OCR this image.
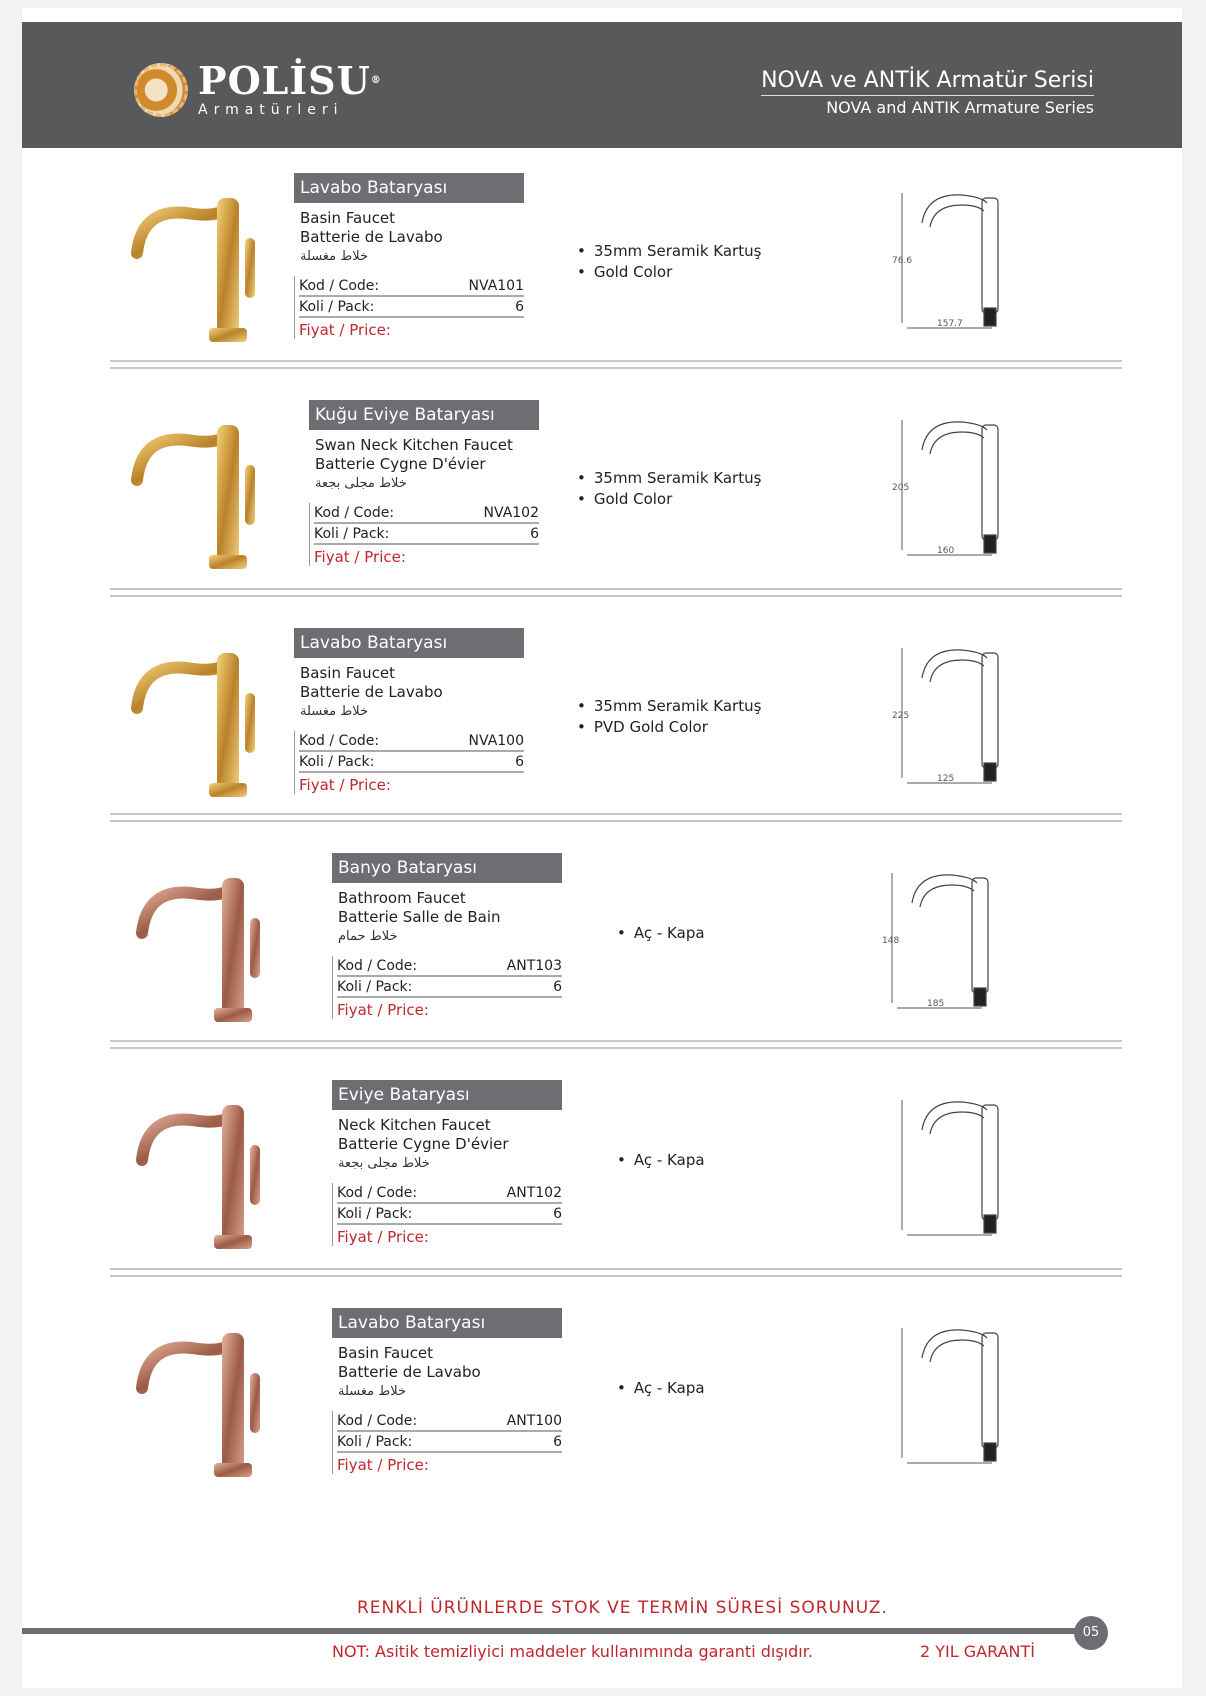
POLİSU®
Armatürleri
NOVA ve ANTİK Armatür Serisi
NOVA and ANTIK Armature Series
Lavabo Bataryası
Basin Faucet
Batterie de Lavabo
خلاط مغسلة
Kod / Code:	NVA101
Koli / Pack:	6
Fiyat / Price:
• 35mm Seramik Kartuş
• Gold Color
76.6
157.7
Kuğu Eviye Bataryası
Swan Neck Kitchen Faucet
Batterie Cygne D'évier
خلاط مجلى بجعة
Kod / Code:	NVA102
Koli / Pack:	6
Fiyat / Price:
• 35mm Seramik Kartuş
• Gold Color
205
160
Lavabo Bataryası
Basin Faucet
Batterie de Lavabo
خلاط مغسلة
Kod / Code:	NVA100
Koli / Pack:	6
Fiyat / Price:
• 35mm Seramik Kartuş
• PVD Gold Color
225
125
Banyo Bataryası
Bathroom Faucet
Batterie Salle de Bain
خلاط حمام
Kod / Code:	ANT103
Koli / Pack:	6
Fiyat / Price:
• Aç - Kapa	148
185
Eviye Bataryası
Neck Kitchen Faucet
Batterie Cygne D'évier
خلاط مجلى بجعة
Kod / Code:	ANT102
Koli / Pack:	6
Fiyat / Price:
• Aç - Kapa
Lavabo Bataryası
Basin Faucet
Batterie de Lavabo
خلاط مغسلة
Kod / Code:	ANT100
Koli / Pack:	6
Fiyat / Price:
• Aç - Kapa
RENKLİ ÜRÜNLERDE STOK VE TERMİN SÜRESİ SORUNUZ.
05
NOT: Asitik temizliyici maddeler kullanımında garanti dışıdır.	2 YIL GARANTİ
